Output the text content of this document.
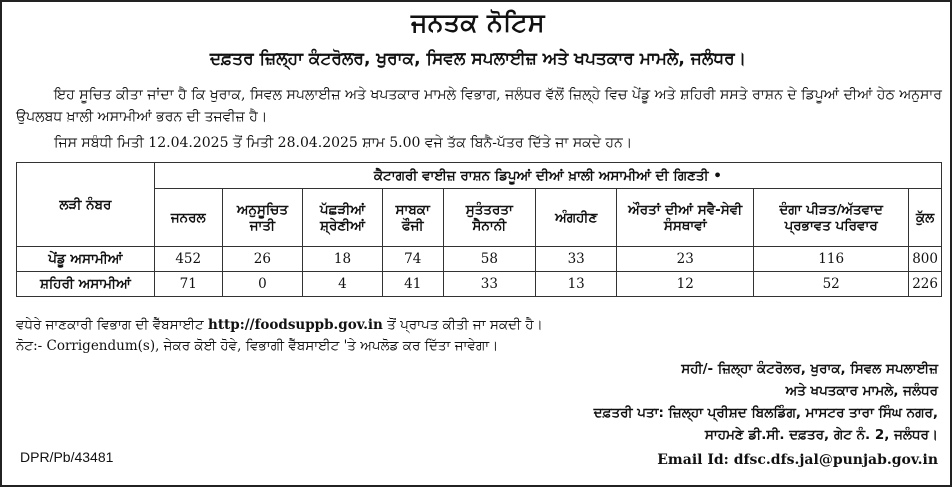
ਜਨਤਕ ਨੋਟਿਸ
ਦਫ਼ਤਰ ਜ਼ਿਲ੍ਹਾ ਕੰਟਰੋਲਰ, ਖੁਰਾਕ, ਸਿਵਲ ਸਪਲਾਈਜ਼ ਅਤੇ ਖਪਤਕਾਰ ਮਾਮਲੇ, ਜਲੰਧਰ।
ਇਹ ਸੂਚਿਤ ਕੀਤਾ ਜਾਂਦਾ ਹੈ ਕਿ ਖੁਰਾਕ, ਸਿਵਲ ਸਪਲਾਈਜ਼ ਅਤੇ ਖਪਤਕਾਰ ਮਾਮਲੇ ਵਿਭਾਗ, ਜਲੰਧਰ ਵੱਲੋਂ ਜ਼ਿਲ੍ਹੇ ਵਿਚ ਪੇਂਡੂ ਅਤੇ ਸ਼ਹਿਰੀ ਸਸਤੇ ਰਾਸ਼ਨ ਦੇ ਡਿਪੂਆਂ ਦੀਆਂ ਹੇਠ ਅਨੁਸਾਰ ਉਪਲਬਧ ਖ਼ਾਲੀ ਅਸਾਮੀਆਂ ਭਰਨ ਦੀ ਤਜਵੀਜ਼ ਹੈ।
ਜਿਸ ਸਬੰਧੀ ਮਿਤੀ 12.04.2025 ਤੋਂ ਮਿਤੀ 28.04.2025 ਸ਼ਾਮ 5.00 ਵਜੇ ਤੱਕ ਬਿਨੈ-ਪੱਤਰ ਦਿੱਤੇ ਜਾ ਸਕਦੇ ਹਨ।
ਲੜੀ ਨੰਬਰ	ਕੈਟਾਗਰੀ ਵਾਈਜ਼ ਰਾਸ਼ਨ ਡਿਪੂਆਂ ਦੀਆਂ ਖ਼ਾਲੀ ਅਸਾਮੀਆਂ ਦੀ ਗਿਣਤੀ •								
	ਜਨਰਲ	ਅਨੁਸੂਚਿਤ ਜਾਤੀ	ਪੱਛੜੀਆਂ ਸ਼੍ਰੇਣੀਆਂ	ਸਾਬਕਾ ਫੌਜੀ	ਸੁਤੰਤਰਤਾ ਸੈਨਾਨੀ	ਅੰਗਹੀਣ	ਔਰਤਾਂ ਦੀਆਂ ਸਵੈ-ਸੇਵੀ ਸੰਸਥਾਵਾਂ	ਦੰਗਾ ਪੀੜਤ/ਅੱਤਵਾਦ ਪ੍ਰਭਾਵਤ ਪਰਿਵਾਰ	ਕੁੱਲ
ਪੇਂਡੂ ਅਸਾਮੀਆਂ	452	26	18	74	58	33	23	116	800
ਸ਼ਹਿਰੀ ਅਸਾਮੀਆਂ	71	0	4	41	33	13	12	52	226
ਵਧੇਰੇ ਜਾਣਕਾਰੀ ਵਿਭਾਗ ਦੀ ਵੈੱਬਸਾਈਟ http://foodsuppb.gov.in ਤੋਂ ਪ੍ਰਾਪਤ ਕੀਤੀ ਜਾ ਸਕਦੀ ਹੈ।
ਨੋਟ:- Corrigendum(s), ਜੇਕਰ ਕੋਈ ਹੋਵੇ, ਵਿਭਾਗੀ ਵੈੱਬਸਾਈਟ 'ਤੇ ਅਪਲੋਡ ਕਰ ਦਿੱਤਾ ਜਾਵੇਗਾ।
ਸਹੀ/- ਜ਼ਿਲ੍ਹਾ ਕੰਟਰੋਲਰ, ਖੁਰਾਕ, ਸਿਵਲ ਸਪਲਾਈਜ਼
ਅਤੇ ਖਪਤਕਾਰ ਮਾਮਲੇ, ਜਲੰਧਰ
ਦਫ਼ਤਰੀ ਪਤਾ: ਜ਼ਿਲ੍ਹਾ ਪ੍ਰੀਸ਼ਦ ਬਿਲਡਿੰਗ, ਮਾਸਟਰ ਤਾਰਾ ਸਿੰਘ ਨਗਰ,
ਸਾਹਮਣੇ ਡੀ.ਸੀ. ਦਫ਼ਤਰ, ਗੇਟ ਨੰ. 2, ਜਲੰਧਰ।
DPR/Pb/43481	Email Id: dfsc.dfs.jal@punjab.gov.in
